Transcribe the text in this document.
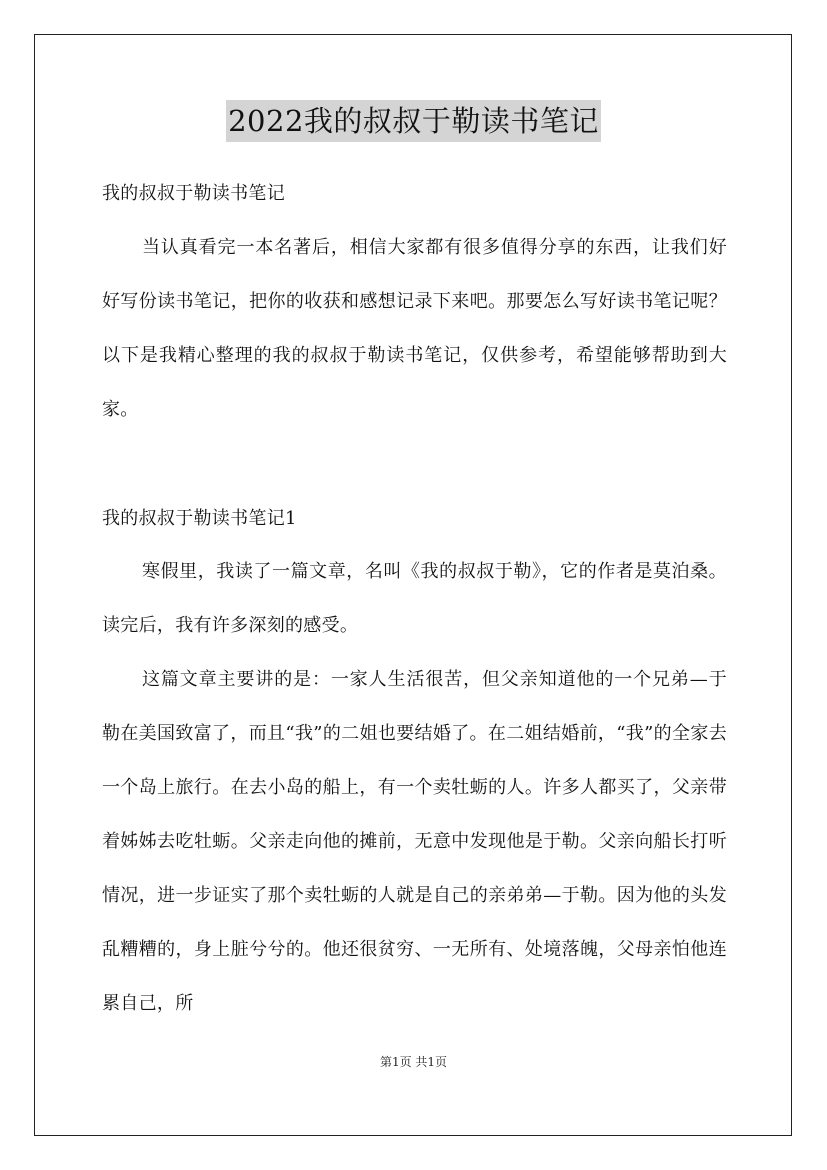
2022我的叔叔于勒读书笔记
我的叔叔于勒读书笔记
当认真看完一本名著后，相信大家都有很多值得分享的东西，让我们好好写份读书笔记，把你的收获和感想记录下来吧。那要怎么写好读书笔记呢？以下是我精心整理的我的叔叔于勒读书笔记，仅供参考，希望能够帮助到大家。
我的叔叔于勒读书笔记1
寒假里，我读了一篇文章，名叫《我的叔叔于勒》，它的作者是莫泊桑。读完后，我有许多深刻的感受。
这篇文章主要讲的是：一家人生活很苦，但父亲知道他的一个兄弟—于勒在美国致富了，而且“我”的二姐也要结婚了。在二姐结婚前，“我”的全家去一个岛上旅行。在去小岛的船上，有一个卖牡蛎的人。许多人都买了，父亲带着姊姊去吃牡蛎。父亲走向他的摊前，无意中发现他是于勒。父亲向船长打听情况，进一步证实了那个卖牡蛎的人就是自己的亲弟弟—于勒。因为他的头发乱糟糟的，身上脏兮兮的。他还很贫穷、一无所有、处境落魄，父母亲怕他连累自己，所
第1页 共1页
